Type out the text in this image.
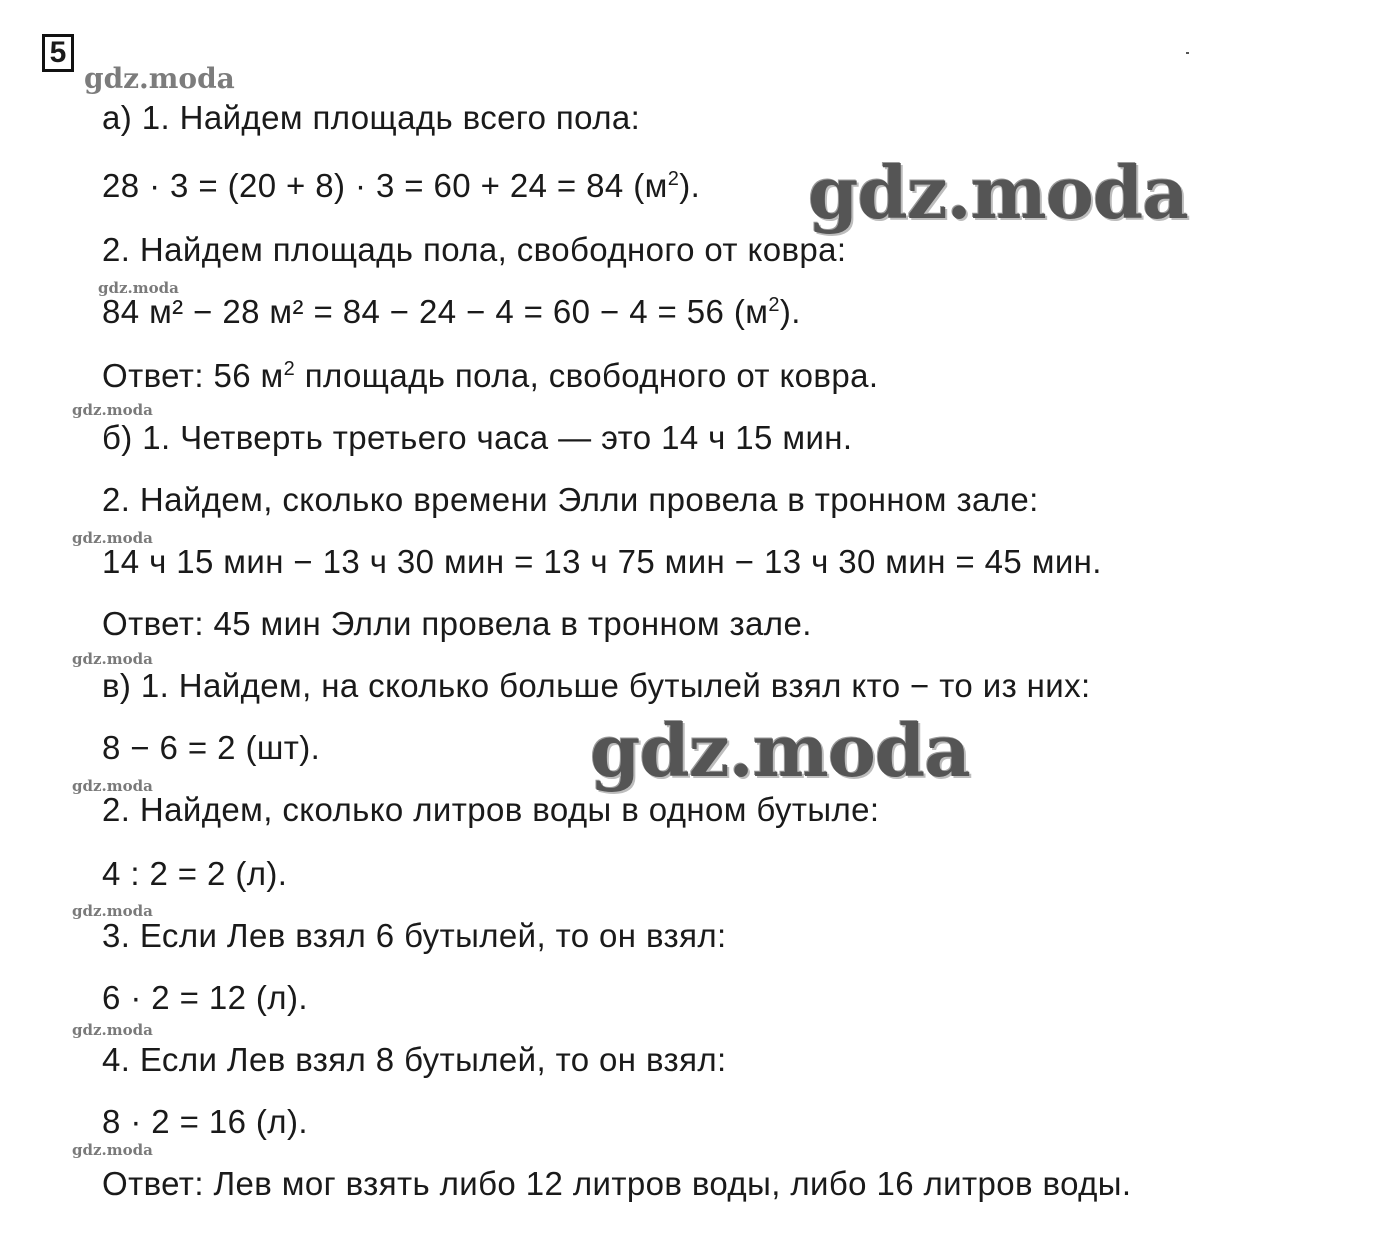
5
gdz.moda
gdz.moda
gdz.moda
gdz.moda
gdz.moda
gdz.moda
gdz.moda
gdz.moda
gdz.moda
а) 1. Найдем площадь всего пола:
28 · 3 = (20 + 8) · 3 = 60 + 24 = 84 $(м^2)$.
2. Найдем площадь пола, свободного от ковра:
84 м² − 28 м² = 84 − 24 − 4 = 60 − 4 = 56 $(м^2)$.
Ответ: 56 $м^2$ площадь пола, свободного от ковра.
б) 1. Четверть третьего часа — это 14 ч 15 мин.
2. Найдем, сколько времени Элли провела в тронном зале:
14 ч 15 мин − 13 ч 30 мин = 13 ч 75 мин − 13 ч 30 мин = 45 мин.
Ответ: 45 мин Элли провела в тронном зале.
в) 1. Найдем, на сколько больше бутылей взял кто − то из них:
8 − 6 = 2 (шт).
2. Найдем, сколько литров воды в одном бутыле:
4 : 2 = 2 (л).
3. Если Лев взял 6 бутылей, то он взял:
6 · 2 = 12 (л).
4. Если Лев взял 8 бутылей, то он взял:
8 · 2 = 16 (л).
Ответ: Лев мог взять либо 12 литров воды, либо 16 литров воды.
gdz.moda
gdz.moda
